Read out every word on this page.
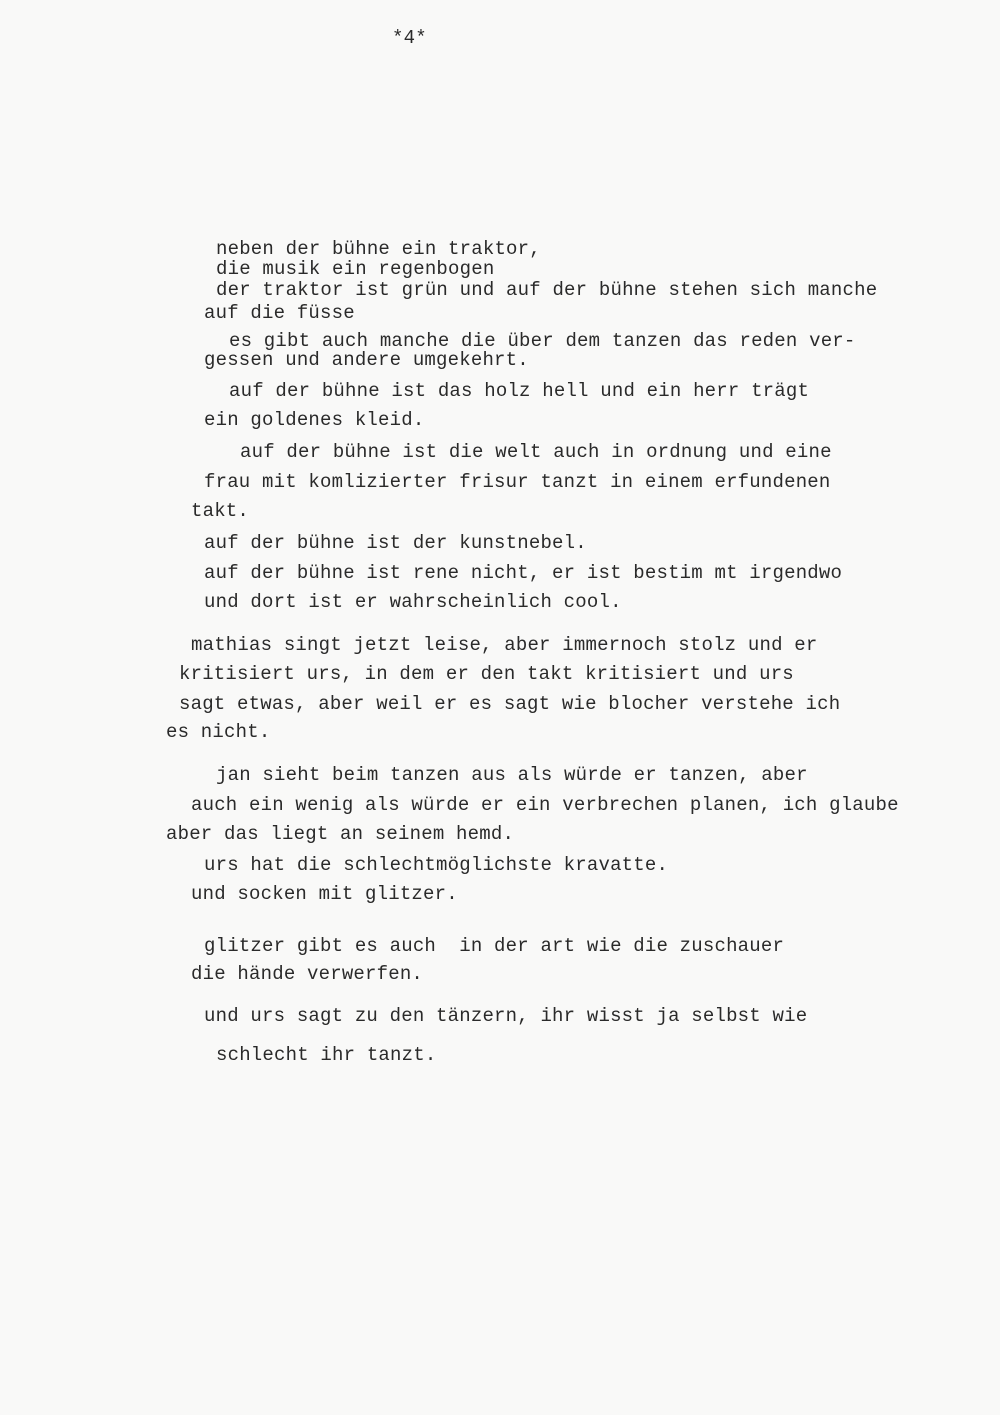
*4*
neben der bühne ein traktor,
die musik ein regenbogen
der traktor ist grün und auf der bühne stehen sich manche
auf die füsse
es gibt auch manche die über dem tanzen das reden ver-
gessen und andere umgekehrt.
auf der bühne ist das holz hell und ein herr trägt
ein goldenes kleid.
auf der bühne ist die welt auch in ordnung und eine
frau mit komlizierter frisur tanzt in einem erfundenen
takt.
auf der bühne ist der kunstnebel.
auf der bühne ist rene nicht, er ist bestim mt irgendwo
und dort ist er wahrscheinlich cool.
mathias singt jetzt leise, aber immernoch stolz und er
kritisiert urs, in dem er den takt kritisiert und urs
sagt etwas, aber weil er es sagt wie blocher verstehe ich
es nicht.
jan sieht beim tanzen aus als würde er tanzen, aber
auch ein wenig als würde er ein verbrechen planen, ich glaube
aber das liegt an seinem hemd.
urs hat die schlechtmöglichste kravatte.
und socken mit glitzer.
glitzer gibt es auch  in der art wie die zuschauer
die hände verwerfen.
und urs sagt zu den tänzern, ihr wisst ja selbst wie
schlecht ihr tanzt.
